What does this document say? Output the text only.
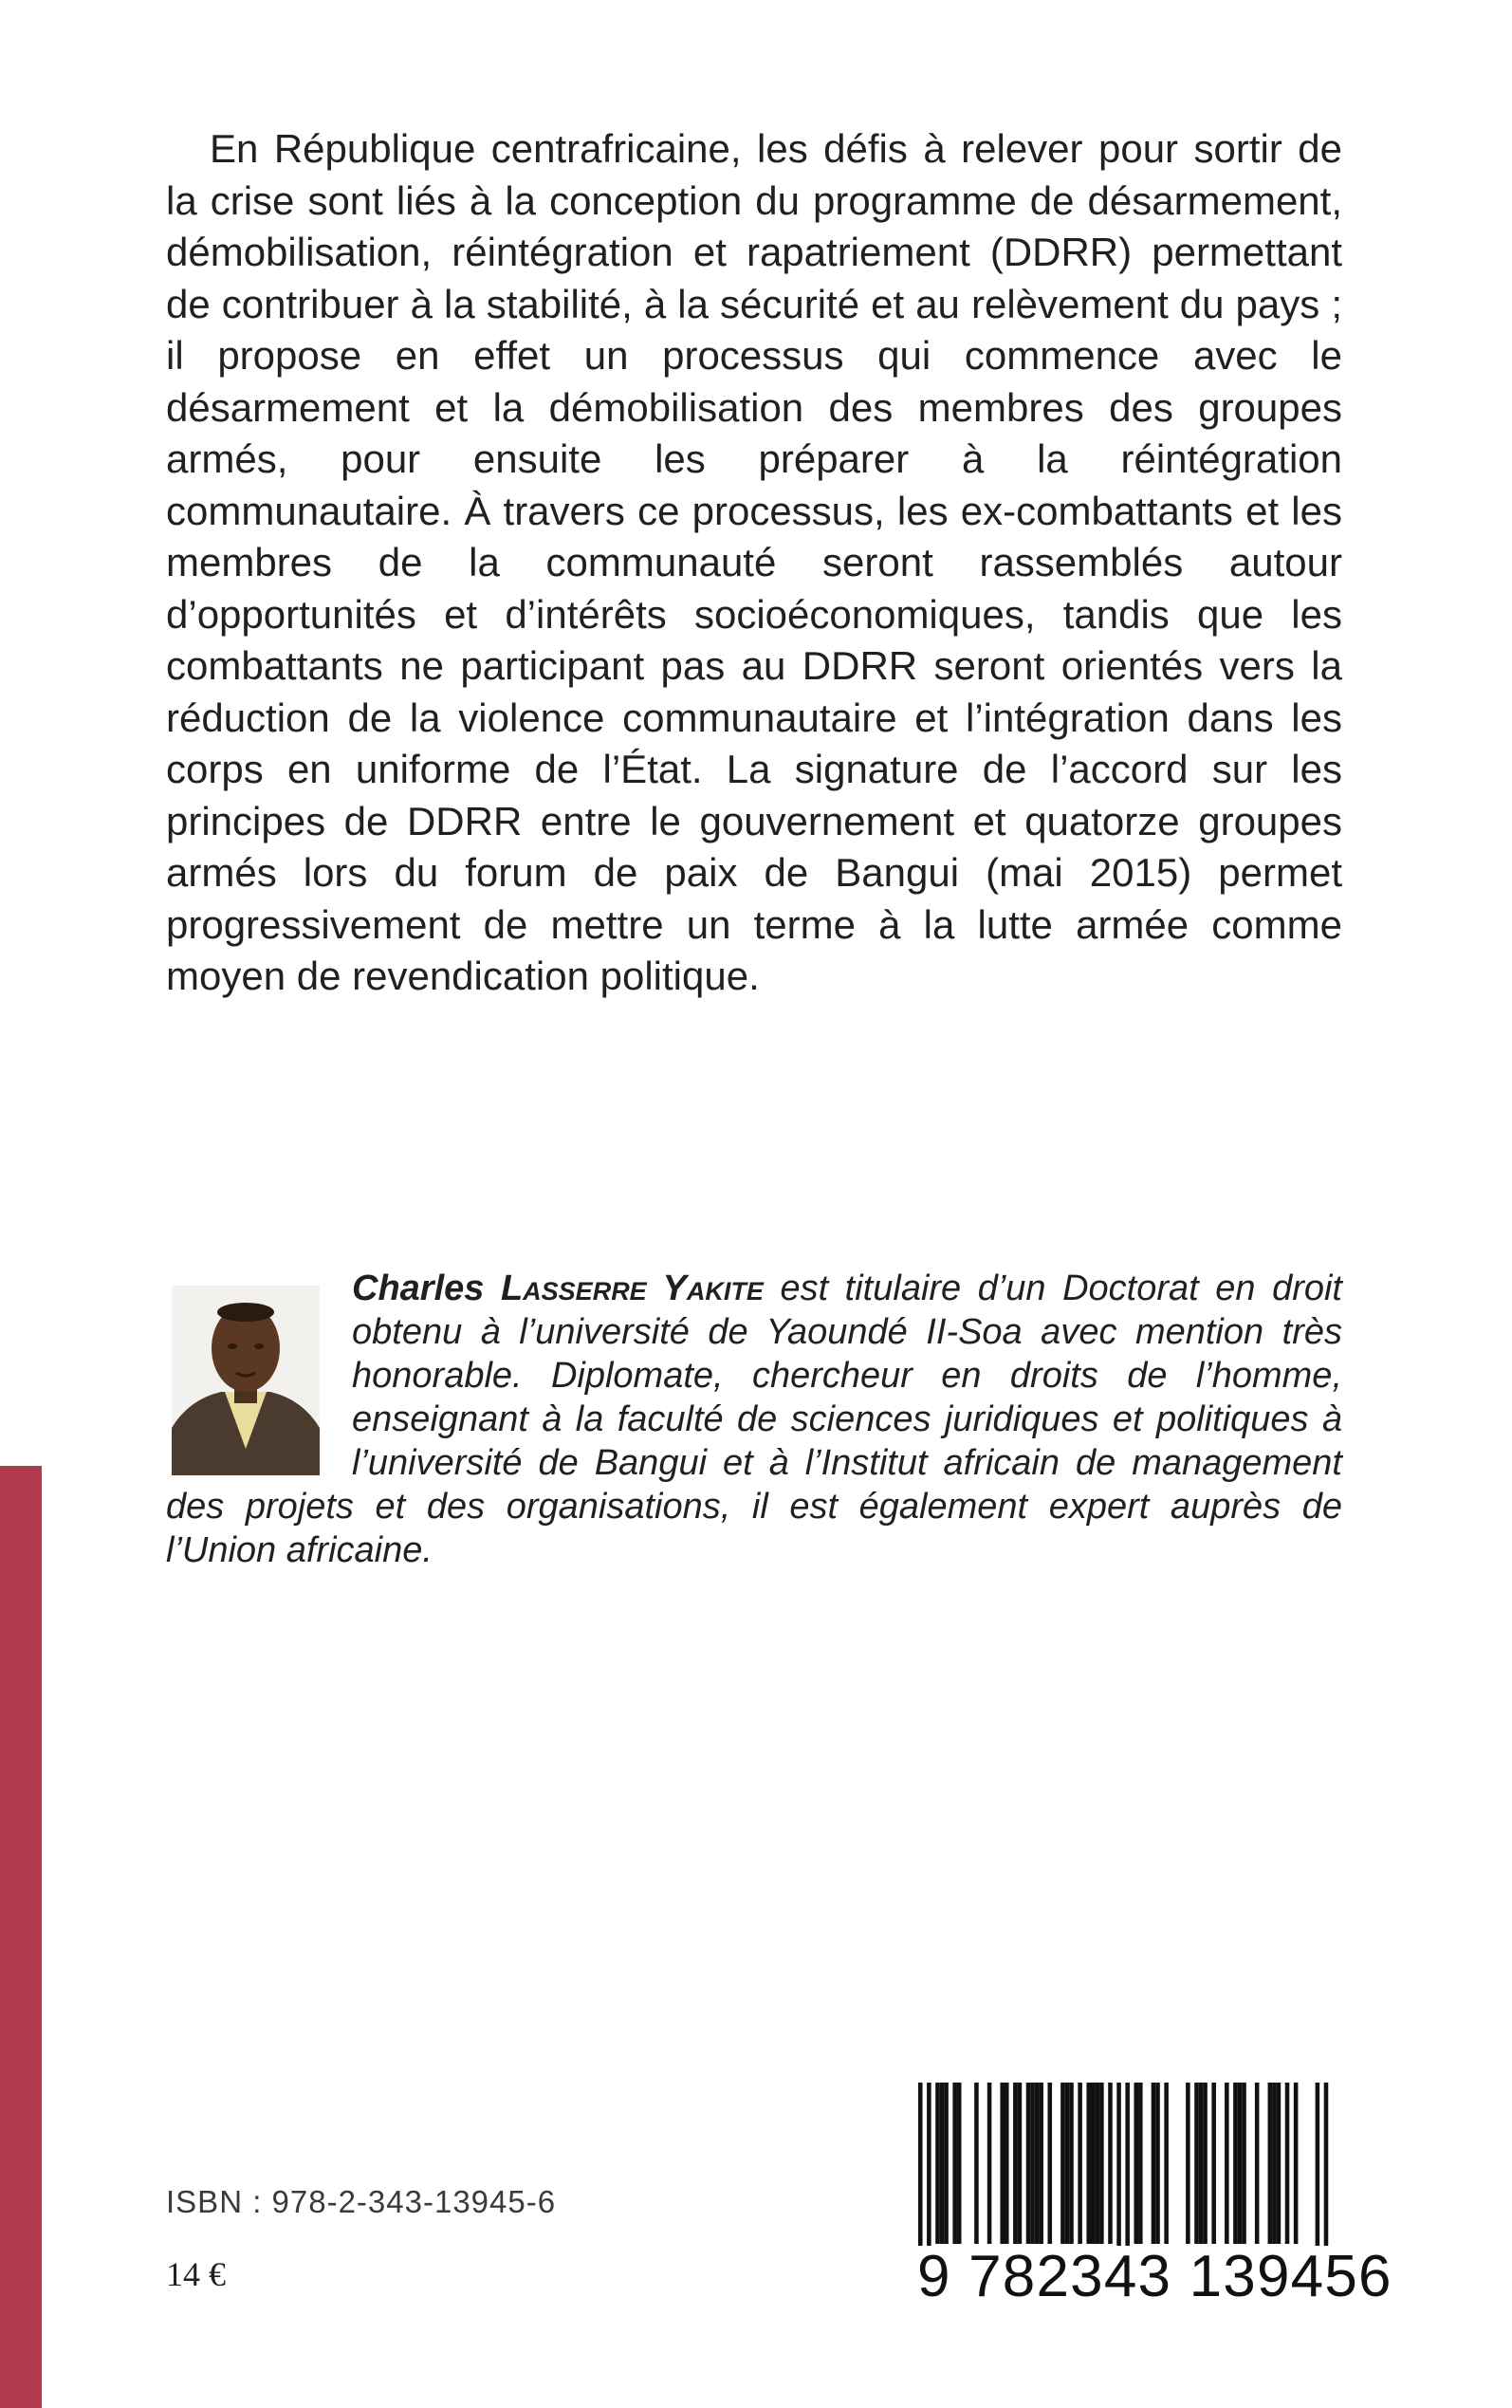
En République centrafricaine, les défis à relever pour sortir de la crise sont liés à la conception du programme de désarmement, démobilisation, réintégration et rapatriement (DDRR) permettant de contribuer à la stabilité, à la sécurité et au relèvement du pays ; il propose en effet un processus qui commence avec le désarmement et la démobilisation des membres des groupes armés, pour ensuite les préparer à la réintégration communautaire. À travers ce processus, les ex-combattants et les membres de la communauté seront rassemblés autour d’opportunités et d’intérêts socioéconomiques, tandis que les combattants ne participant pas au DDRR seront orientés vers la réduction de la violence communautaire et l’intégration dans les corps en uniforme de l’État. La signature de l’accord sur les principes de DDRR entre le gouvernement et quatorze groupes armés lors du forum de paix de Bangui (mai 2015) permet progressivement de mettre un terme à la lutte armée comme moyen de revendication politique.

Charles Lasserre Yakite est titulaire d’un Doctorat en droit obtenu à l’université de Yaoundé II-Soa avec mention très honorable. Diplomate, chercheur en droits de l’homme, enseignant à la faculté de sciences juridiques et politiques à l’université de Bangui et à l’Institut africain de management des projets et des organisations, il est également expert auprès de l’Union africaine.

ISBN : 978-2-343-13945-6

14 €	9 782343 139456
